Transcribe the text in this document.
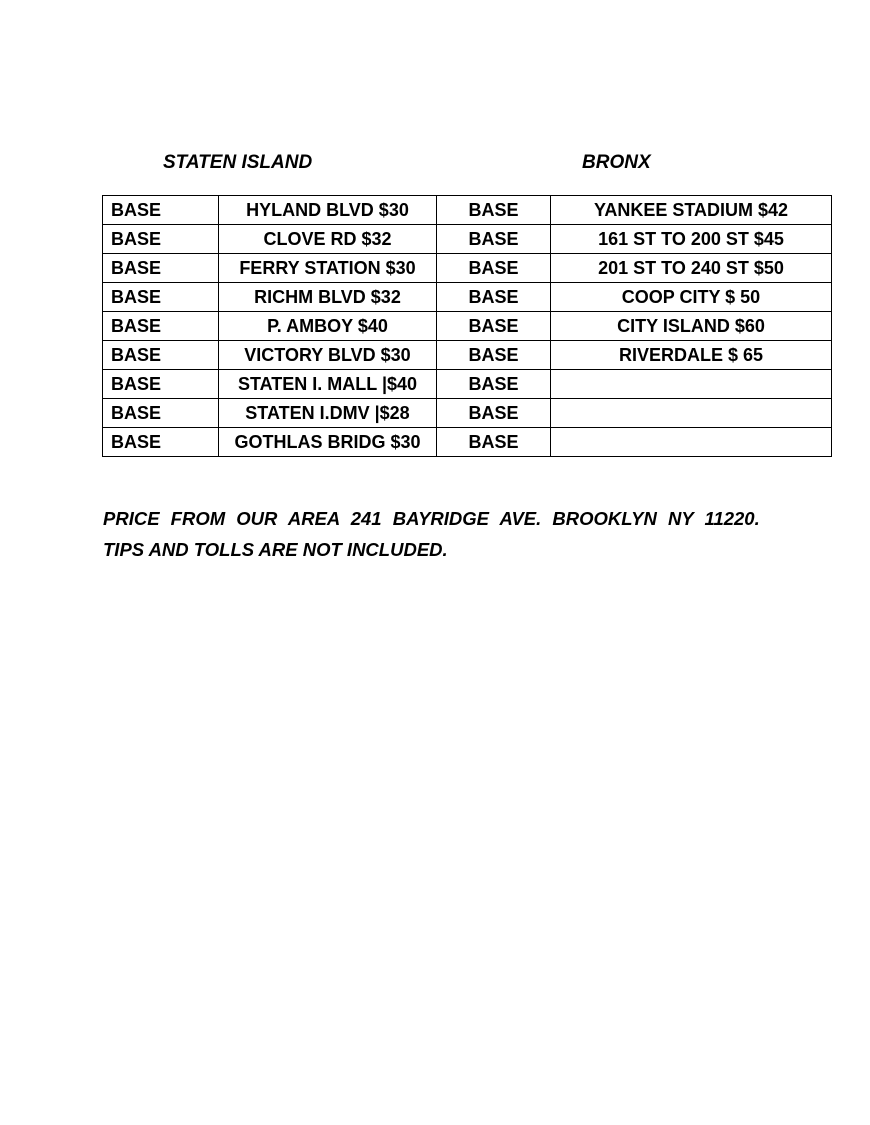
STATEN ISLAND	BRONX
BASE	HYLAND BLVD $30	BASE	YANKEE STADIUM $42
BASE	CLOVE RD $32	BASE	161 ST TO 200 ST $45
BASE	FERRY STATION $30	BASE	201 ST TO 240 ST $50
BASE	RICHM BLVD $32	BASE	COOP CITY $ 50
BASE	P. AMBOY $40	BASE	CITY ISLAND $60
BASE	VICTORY BLVD $30	BASE	RIVERDALE $ 65
BASE	STATEN I. MALL |$40	BASE	
BASE	STATEN I.DMV |$28	BASE	
BASE	GOTHLAS BRIDG $30	BASE	
PRICE FROM OUR AREA 241 BAYRIDGE AVE. BROOKLYN NY 11220.
TIPS AND TOLLS ARE NOT INCLUDED.
